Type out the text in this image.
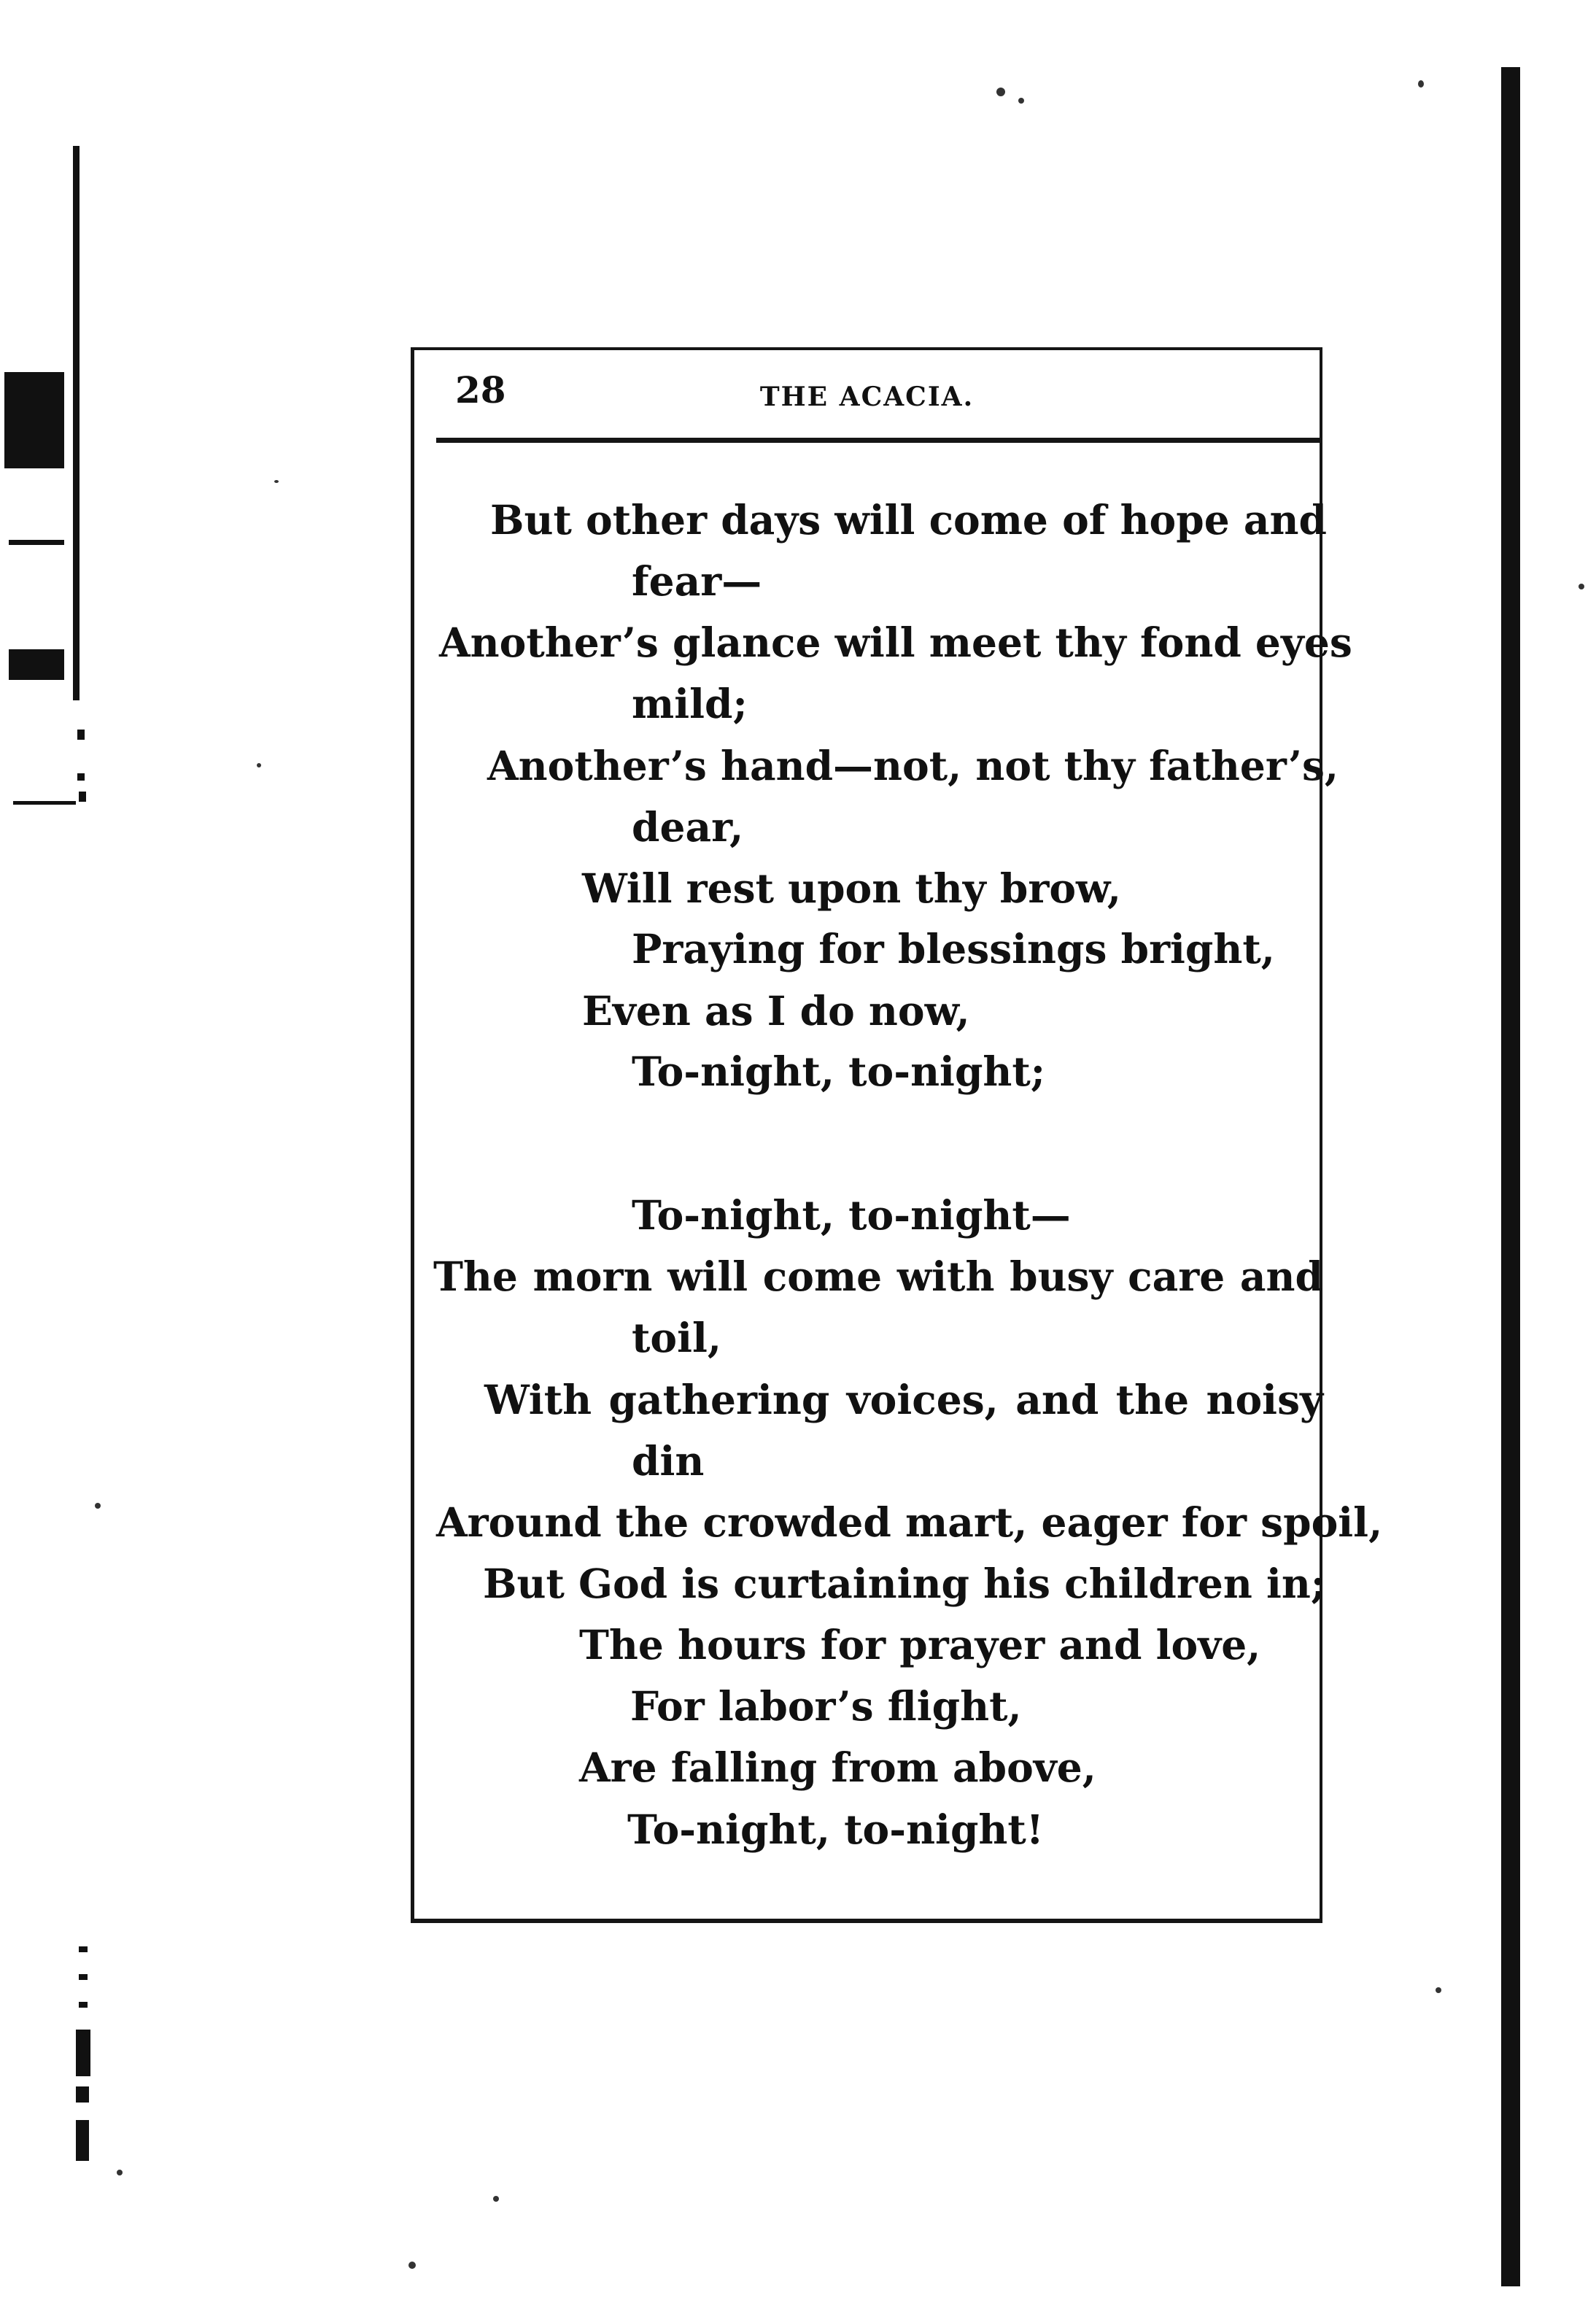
28	THE ACACIA.
But other days will come of hope and
fear—
Another’s glance will meet thy fond eyes
mild;
Another’s hand—not, not thy father’s,
dear,
Will rest upon thy brow,
Praying for blessings bright,
Even as I do now,
To-night, to-night;
To-night, to-night—
The morn will come with busy care and
toil,
With gathering voices, and the noisy
din
Around the crowded mart, eager for spoil,
But God is curtaining his children in;
The hours for prayer and love,
For labor’s flight,
Are falling from above,
To-night, to-night!
